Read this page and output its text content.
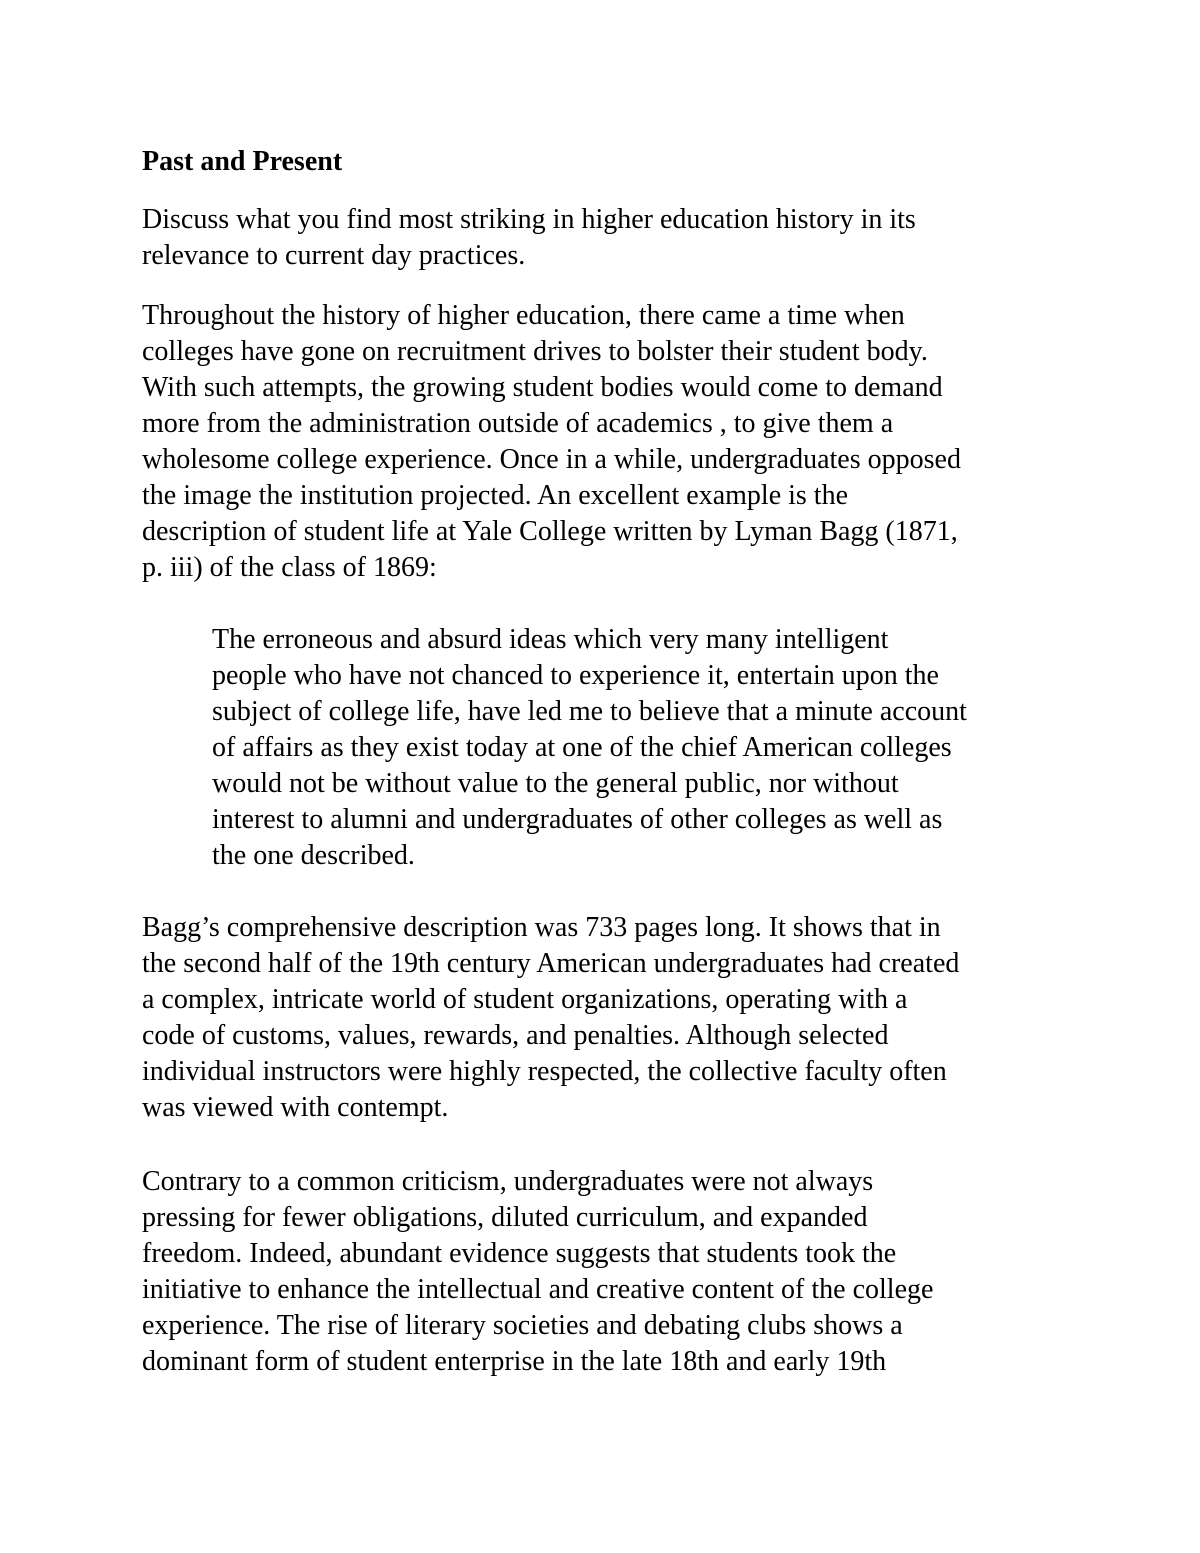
Past and Present
Discuss what you find most striking in higher education history in its
relevance to current day practices.
Throughout the history of higher education, there came a time when
colleges have gone on recruitment drives to bolster their student body.
With such attempts, the growing student bodies would come to demand
more from the administration outside of academics , to give them a
wholesome college experience. Once in a while, undergraduates opposed
the image the institution projected. An excellent example is the
description of student life at Yale College written by Lyman Bagg (1871,
p. iii) of the class of 1869:
The erroneous and absurd ideas which very many intelligent
people who have not chanced to experience it, entertain upon the
subject of college life, have led me to believe that a minute account
of affairs as they exist today at one of the chief American colleges
would not be without value to the general public, nor without
interest to alumni and undergraduates of other colleges as well as
the one described.
Bagg’s comprehensive description was 733 pages long. It shows that in
the second half of the 19th century American undergraduates had created
a complex, intricate world of student organizations, operating with a
code of customs, values, rewards, and penalties. Although selected
individual instructors were highly respected, the collective faculty often
was viewed with contempt.
Contrary to a common criticism, undergraduates were not always
pressing for fewer obligations, diluted curriculum, and expanded
freedom. Indeed, abundant evidence suggests that students took the
initiative to enhance the intellectual and creative content of the college
experience. The rise of literary societies and debating clubs shows a
dominant form of student enterprise in the late 18th and early 19th
